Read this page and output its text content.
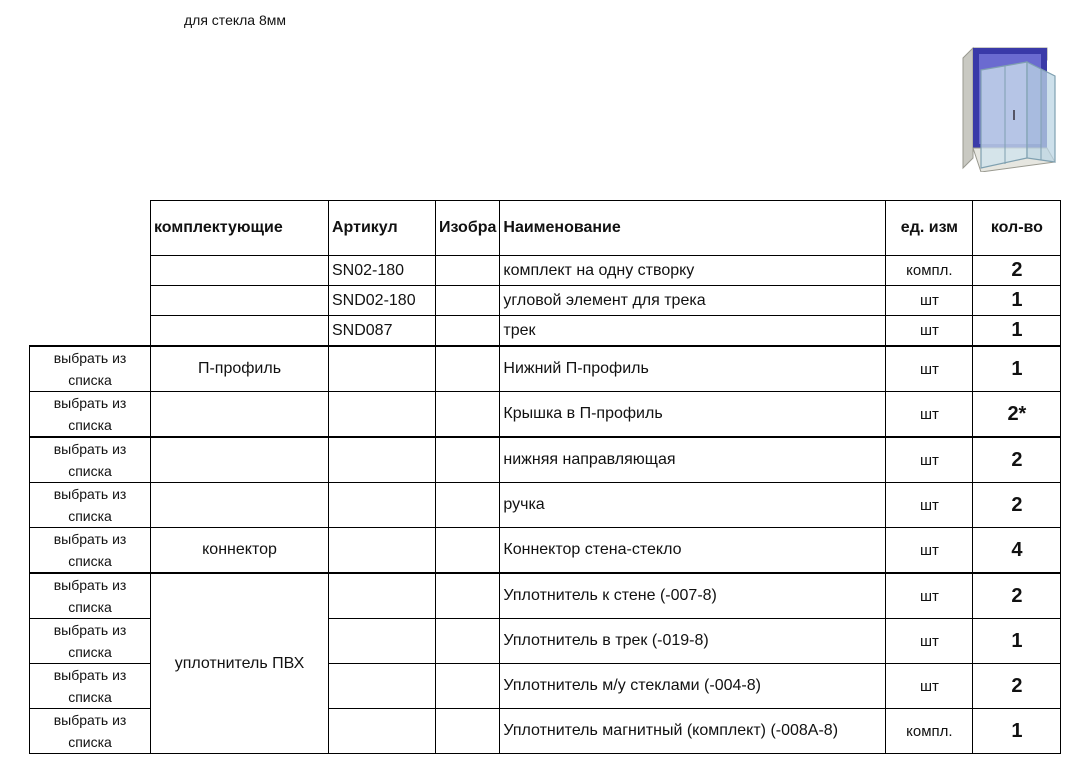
для стекла 8мм
	комплектующие	Артикул	Изобра	Наименование	ед. изм	кол-во
		SN02-180		комплект на одну створку	компл.	2
		SND02-180		угловой элемент для трека	шт	1
		SND087		трек	шт	1
выбрать из списка	П-профиль			Нижний П-профиль	шт	1
выбрать из списка				Крышка в П-профиль	шт	2*
выбрать из списка				нижняя направляющая	шт	2
выбрать из списка				ручка	шт	2
выбрать из списка	коннектор			Коннектор стена-стекло	шт	4
выбрать из списка	уплотнитель ПВХ			Уплотнитель к стене (-007-8)	шт	2
выбрать из списка				Уплотнитель в трек (-019-8)	шт	1
выбрать из списка				Уплотнитель м/у стеклами (-004-8)	шт	2
выбрать из списка				Уплотнитель магнитный (комплект) (-008А-8)	компл.	1
